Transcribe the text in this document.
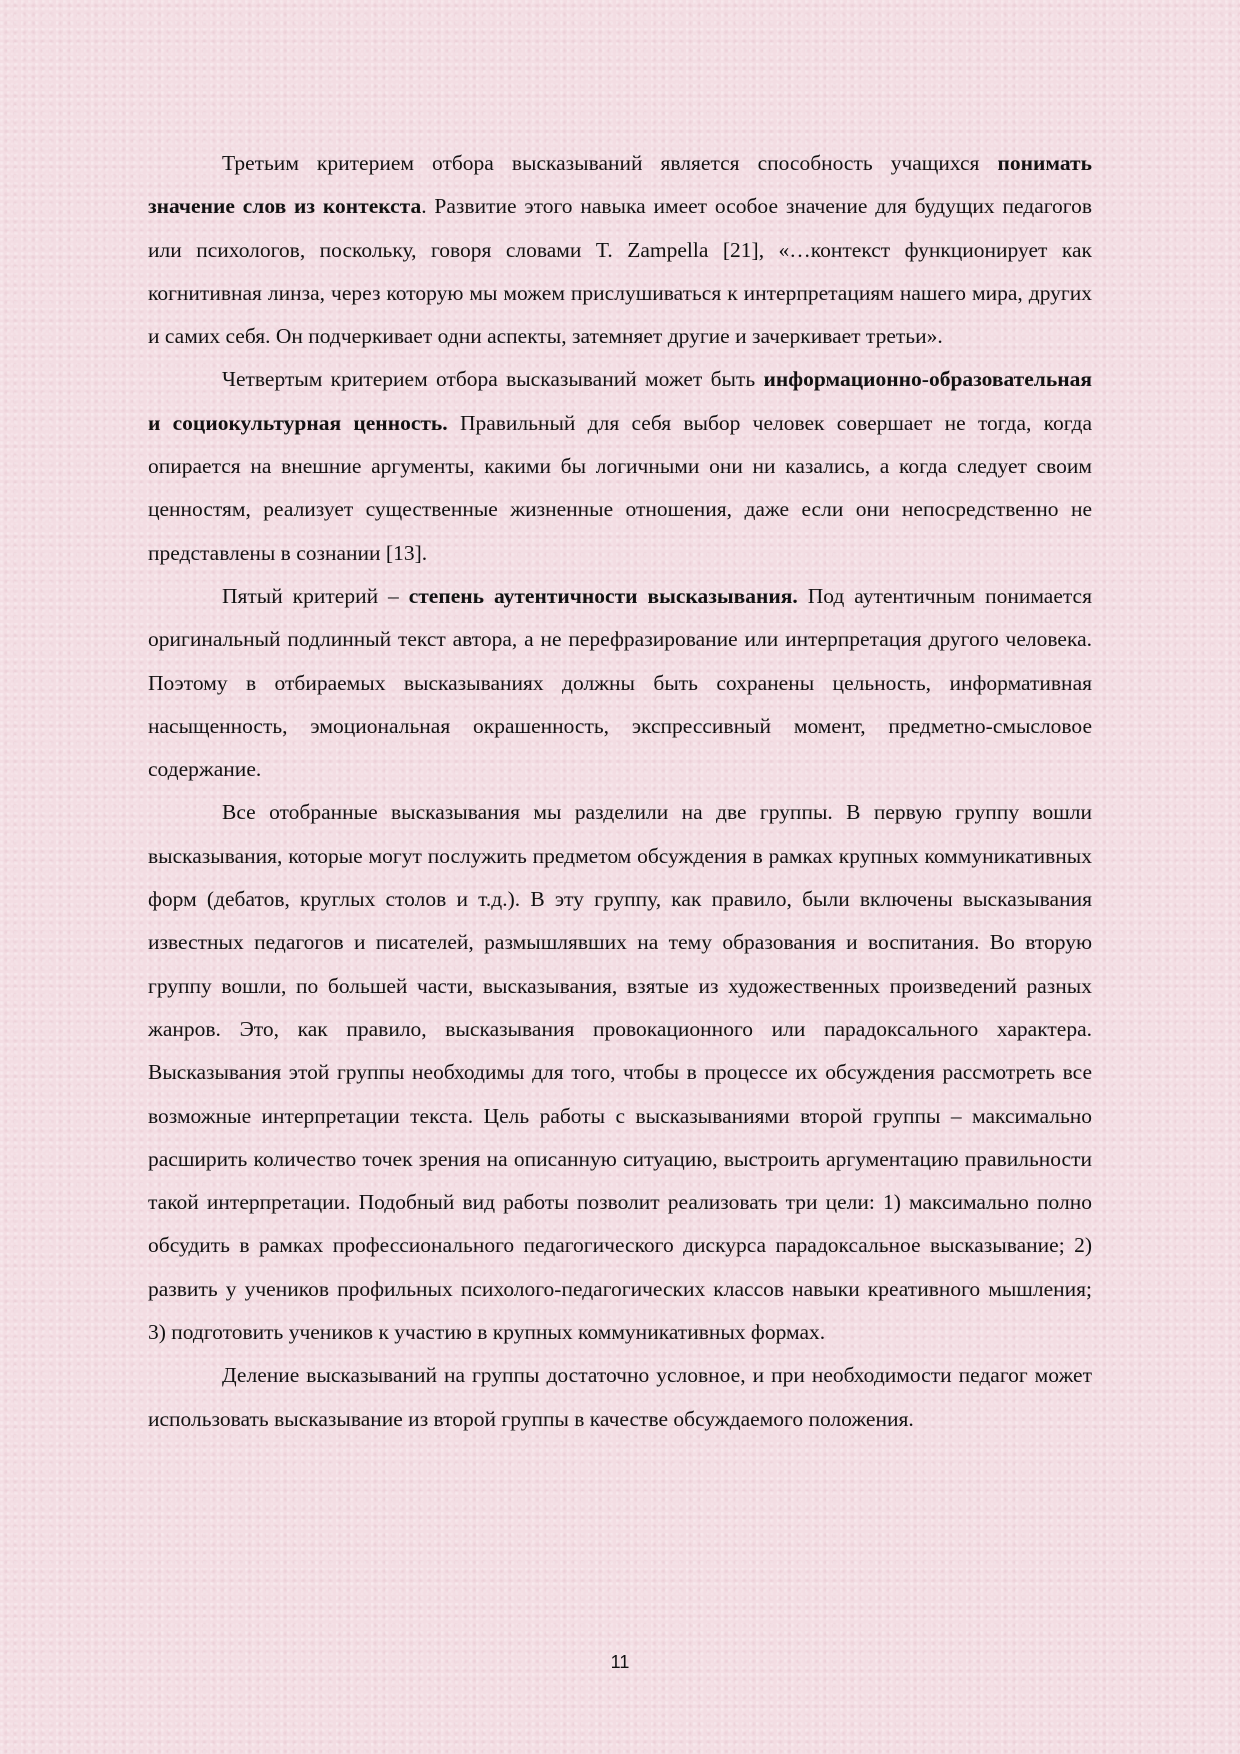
Третьим критерием отбора высказываний является способность учащихся понимать значение слов из контекста. Развитие этого навыка имеет особое значение для будущих педагогов или психологов, поскольку, говоря словами T. Zampella [21], «…контекст функционирует как когнитивная линза, через которую мы можем прислушиваться к интерпретациям нашего мира, других и самих себя. Он подчеркивает одни аспекты, затемняет другие и зачеркивает третьи».

Четвертым критерием отбора высказываний может быть информационно-образовательная и социокультурная ценность. Правильный для себя выбор человек совершает не тогда, когда опирается на внешние аргументы, какими бы логичными они ни казались, а когда следует своим ценностям, реализует существенные жизненные отношения, даже если они непосредственно не представлены в сознании [13].

Пятый критерий – степень аутентичности высказывания. Под аутентичным понимается оригинальный подлинный текст автора, а не перефразирование или интерпретация другого человека. Поэтому в отбираемых высказываниях должны быть сохранены цельность, информативная насыщенность, эмоциональная окрашенность, экспрессивный момент, предметно-смысловое содержание.

Все отобранные высказывания мы разделили на две группы. В первую группу вошли высказывания, которые могут послужить предметом обсуждения в рамках крупных коммуникативных форм (дебатов, круглых столов и т.д.). В эту группу, как правило, были включены высказывания известных педагогов и писателей, размышлявших на тему образования и воспитания. Во вторую группу вошли, по большей части, высказывания, взятые из художественных произведений разных жанров. Это, как правило, высказывания провокационного или парадоксального характера. Высказывания этой группы необходимы для того, чтобы в процессе их обсуждения рассмотреть все возможные интерпретации текста. Цель работы с высказываниями второй группы – максимально расширить количество точек зрения на описанную ситуацию, выстроить аргументацию правильности такой интерпретации. Подобный вид работы позволит реализовать три цели: 1) максимально полно обсудить в рамках профессионального педагогического дискурса парадоксальное высказывание; 2) развить у учеников профильных психолого-педагогических классов навыки креативного мышления; 3) подготовить учеников к участию в крупных коммуникативных формах.

Деление высказываний на группы достаточно условное, и при необходимости педагог может использовать высказывание из второй группы в качестве обсуждаемого положения.

11
